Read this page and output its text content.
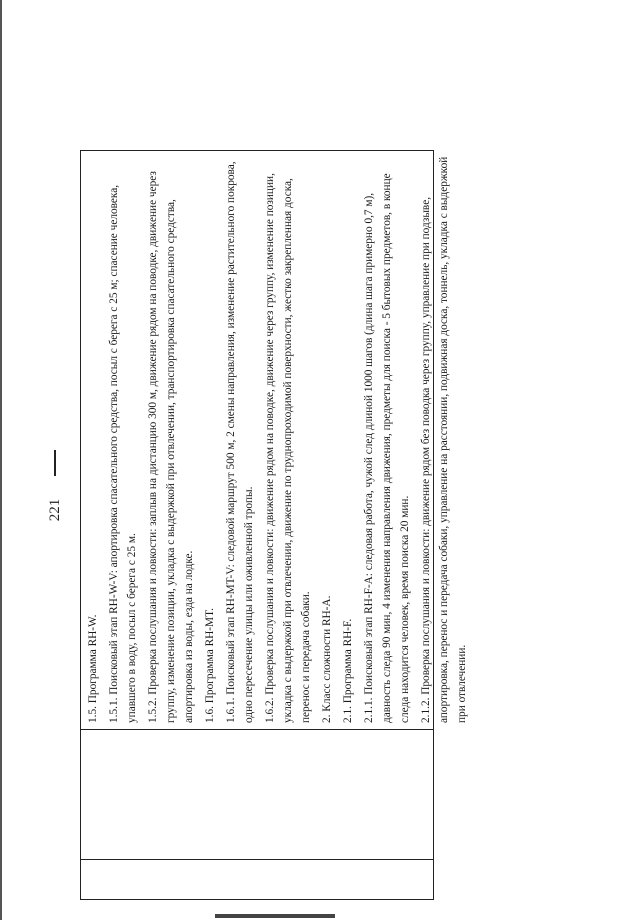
221

1.5. Программа RH-W. 1.5.1. Поисковый этап RH-W-V: апортировка спасательного средства, посыл с берега с 25 м; спасение человека, упавшего в воду, посыл с берега с 25 м. 1.5.2. Проверка послушания и ловкости: заплыв на дистанцию 300 м, движение рядом на поводке, движение через группу, изменение позиции, укладка с выдержкой при отвлечении, транспортировка спасательного средства, апортировка из воды, езда на лодке. 1.6. Программа RH-MT. 1.6.1. Поисковый этап RH-MT-V: следовой маршрут 500 м, 2 смены направления, изменение растительного покрова, одно пересечение улицы или оживленной тропы. 1.6.2. Проверка послушания и ловкости: движение рядом на поводке, движение через группу, изменение позиции, укладка с выдержкой при отвлечении, движение по труднопроходимой поверхности, жестко закрепленная доска, перенос и передача собаки. 2. Класс сложности RH-A. 2.1. Программа RH-F. 2.1.1. Поисковый этап RH-F-A: следовая работа, чужой след длиной 1000 шагов (длина шага примерно 0,7 м), давность следа 90 мин, 4 изменения направления движения, предметы для поиска - 5 бытовых предметов, в конце следа находится человек, время поиска 20 мин. 2.1.2. Проверка послушания и ловкости: движение рядом без поводка через группу, управление при подзыве, апортировка, перенос и передача собаки, управление на расстоянии, подвижная доска, тоннель, укладка с выдержкой при отвлечении.
